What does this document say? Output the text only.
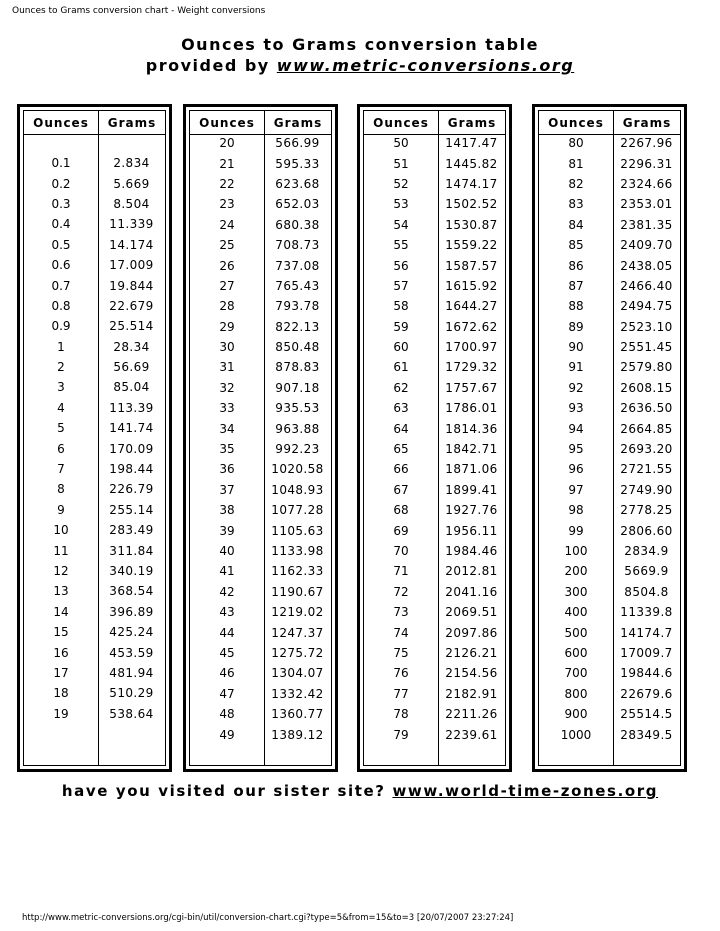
Ounces to Grams conversion chart - Weight conversions
Ounces to Grams conversion table
provided by www.metric-conversions.org
Ounces	Grams
0.1	2.834
0.2	5.669
0.3	8.504
0.4	11.339
0.5	14.174
0.6	17.009
0.7	19.844
0.8	22.679
0.9	25.514
1	28.34
2	56.69
3	85.04
4	113.39
5	141.74
6	170.09
7	198.44
8	226.79
9	255.14
10	283.49
11	311.84
12	340.19
13	368.54
14	396.89
15	425.24
16	453.59
17	481.94
18	510.29
19	538.64
Ounces	Grams
20	566.99
21	595.33
22	623.68
23	652.03
24	680.38
25	708.73
26	737.08
27	765.43
28	793.78
29	822.13
30	850.48
31	878.83
32	907.18
33	935.53
34	963.88
35	992.23
36	1020.58
37	1048.93
38	1077.28
39	1105.63
40	1133.98
41	1162.33
42	1190.67
43	1219.02
44	1247.37
45	1275.72
46	1304.07
47	1332.42
48	1360.77
49	1389.12
Ounces	Grams
50	1417.47
51	1445.82
52	1474.17
53	1502.52
54	1530.87
55	1559.22
56	1587.57
57	1615.92
58	1644.27
59	1672.62
60	1700.97
61	1729.32
62	1757.67
63	1786.01
64	1814.36
65	1842.71
66	1871.06
67	1899.41
68	1927.76
69	1956.11
70	1984.46
71	2012.81
72	2041.16
73	2069.51
74	2097.86
75	2126.21
76	2154.56
77	2182.91
78	2211.26
79	2239.61
Ounces	Grams
80	2267.96
81	2296.31
82	2324.66
83	2353.01
84	2381.35
85	2409.70
86	2438.05
87	2466.40
88	2494.75
89	2523.10
90	2551.45
91	2579.80
92	2608.15
93	2636.50
94	2664.85
95	2693.20
96	2721.55
97	2749.90
98	2778.25
99	2806.60
100	2834.9
200	5669.9
300	8504.8
400	11339.8
500	14174.7
600	17009.7
700	19844.6
800	22679.6
900	25514.5
1000	28349.5
have you visited our sister site? www.world-time-zones.org
http://www.metric-conversions.org/cgi-bin/util/conversion-chart.cgi?type=5&from=15&to=3 [20/07/2007 23:27:24]
